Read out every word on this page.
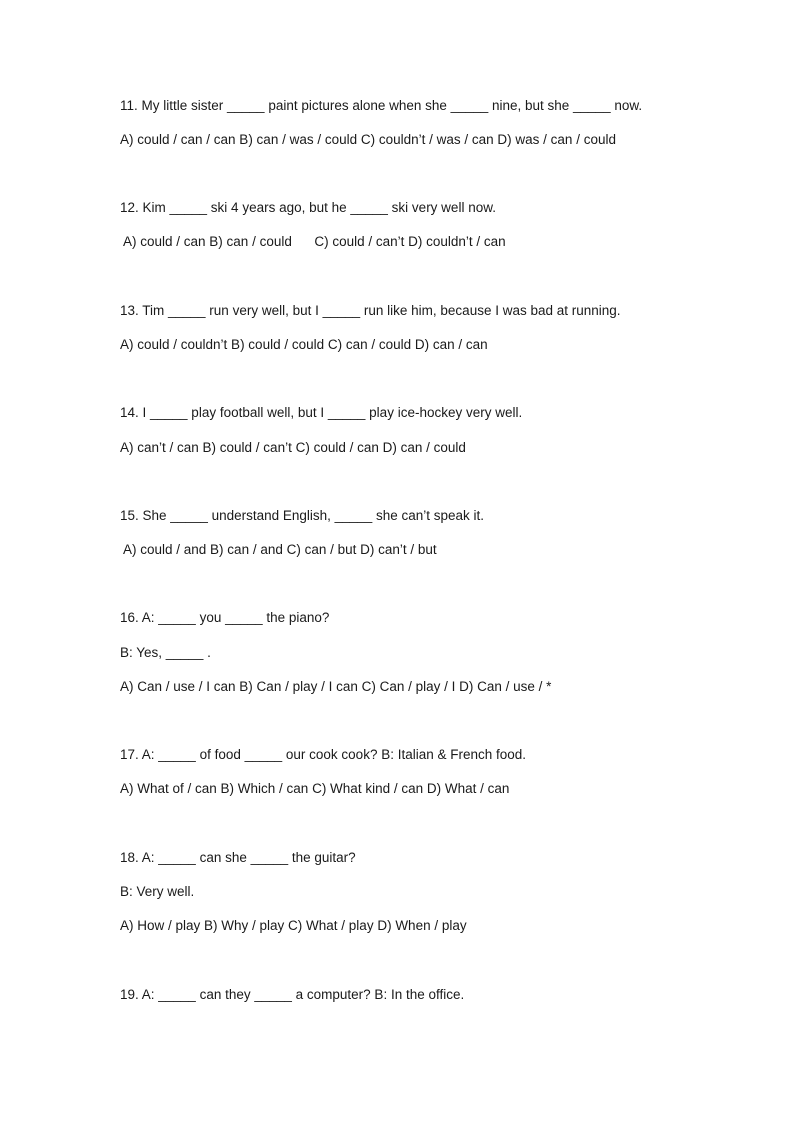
11. My little sister _____ paint pictures alone when she _____ nine, but she _____ now.
A) could / can / can B) can / was / could C) couldn’t / was / can D) was / can / could
12. Kim _____ ski 4 years ago, but he _____ ski very well now.
A) could / can B) can / could      C) could / can’t D) couldn’t / can
13. Tim _____ run very well, but I _____ run like him, because I was bad at running.
A) could / couldn’t B) could / could C) can / could D) can / can
14. I _____ play football well, but I _____ play ice-hockey very well.
A) can’t / can B) could / can’t C) could / can D) can / could
15. She _____ understand English, _____ she can’t speak it.
A) could / and B) can / and C) can / but D) can’t / but
16. A: _____ you _____ the piano?
B: Yes, _____ .
A) Can / use / I can B) Can / play / I can C) Can / play / I D) Can / use / *
17. A: _____ of food _____ our cook cook? B: Italian & French food.
A) What of / can B) Which / can C) What kind / can D) What / can
18. A: _____ can she _____ the guitar?
B: Very well.
A) How / play B) Why / play C) What / play D) When / play
19. A: _____ can they _____ a computer? B: In the office.
